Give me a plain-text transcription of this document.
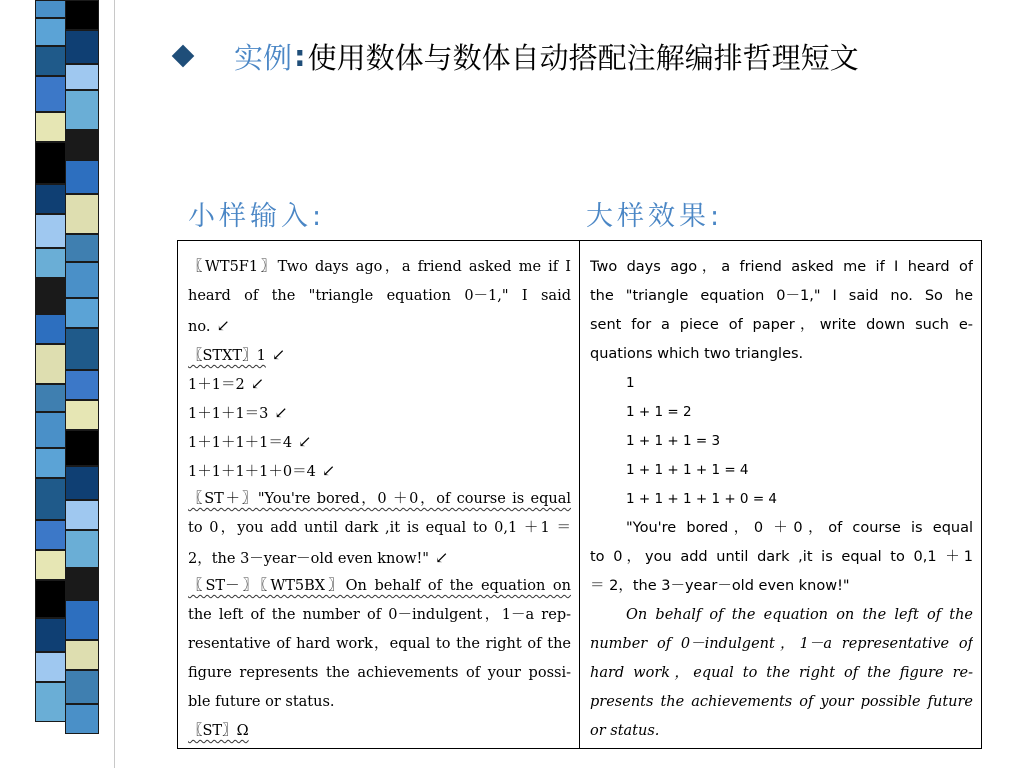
实例 : 使用数体与数体自动搭配注解编排哲理短文
小样输入:	大样效果:
〖WT5F1〗Two days ago，a friend asked me if I
heard of the "triangle equation 0－1," I said
no. ↙
〖STXT〗1 ↙
1＋1＝2 ↙
1＋1＋1＝3 ↙
1＋1＋1＋1＝4 ↙
1＋1＋1＋1＋0＝4 ↙
〖ST＋〗"You're bored，0 ＋0，of course is equal
to 0，you add until dark ,it is equal to 0,1 ＋1 ＝
2，the 3－year－old even know!" ↙
〖ST－〗〖WT5BX〗On behalf of the equation on
the left of the number of 0－indulgent，1－a rep-
resentative of hard work，equal to the right of the
figure represents the achievements of your possi-
ble future or status.
〖ST〗Ω
Two days ago，a friend asked me if I heard of
the "triangle equation 0－1," I said no. So he
sent for a piece of paper，write down such e-
quations which two triangles.
1
1 + 1 = 2
1 + 1 + 1 = 3
1 + 1 + 1 + 1 = 4
1 + 1 + 1 + 1 + 0 = 4
"You're bored，0 ＋0，of course is equal
to 0，you add until dark ,it is equal to 0,1 ＋1
＝ 2，the 3－year－old even know!"
On behalf of the equation on the left of the
number of 0－indulgent，1－a representative of
hard work，equal to the right of the figure re-
presents the achievements of your possible future
or status.
